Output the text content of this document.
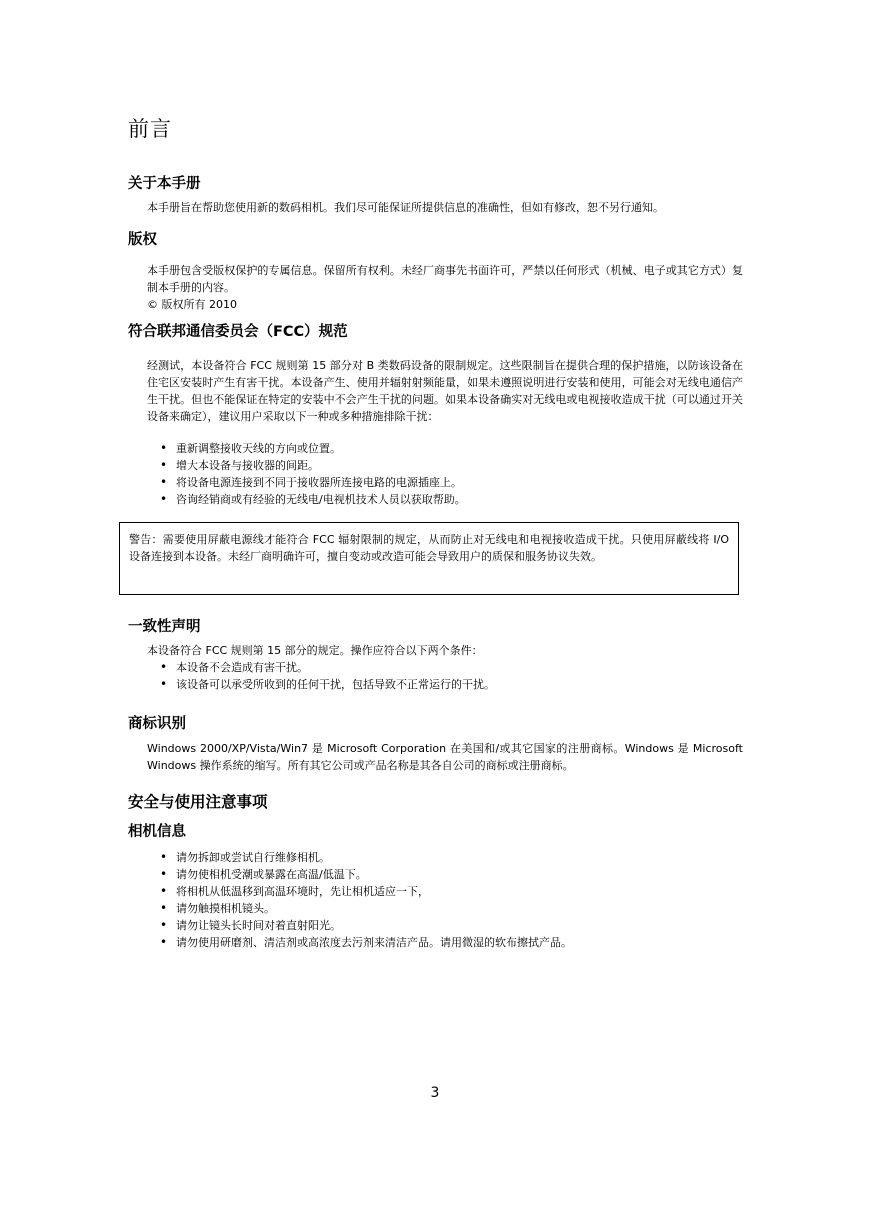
前言
关于本手册

本手册旨在帮助您使用新的数码相机。我们尽可能保证所提供信息的准确性，但如有修改，恕不另行通知。

版权

本手册包含受版权保护的专属信息。保留所有权利。未经厂商事先书面许可，严禁以任何形式（机械、电子或其它方式）复制本手册的内容。

© 版权所有 2010

符合联邦通信委员会（FCC）规范

经测试，本设备符合 FCC 规则第 15 部分对 B 类数码设备的限制规定。这些限制旨在提供合理的保护措施，以防该设备在住宅区安装时产生有害干扰。本设备产生、使用并辐射射频能量，如果未遵照说明进行安装和使用，可能会对无线电通信产生干扰。但也不能保证在特定的安装中不会产生干扰的问题。如果本设备确实对无线电或电视接收造成干扰（可以通过开关设备来确定），建议用户采取以下一种或多种措施排除干扰：

• 重新调整接收天线的方向或位置。
• 增大本设备与接收器的间距。
• 将设备电源连接到不同于接收器所连接电路的电源插座上。
• 咨询经销商或有经验的无线电/电视机技术人员以获取帮助。
警告：需要使用屏蔽电源线才能符合 FCC 辐射限制的规定，从而防止对无线电和电视接收造成干扰。只使用屏蔽线将 I/O 设备连接到本设备。未经厂商明确许可，擅自变动或改造可能会导致用户的质保和服务协议失效。
一致性声明

本设备符合 FCC 规则第 15 部分的规定。操作应符合以下两个条件：

• 本设备不会造成有害干扰。
• 该设备可以承受所收到的任何干扰，包括导致不正常运行的干扰。
商标识别

Windows 2000/XP/Vista/Win7 是 Microsoft Corporation 在美国和/或其它国家的注册商标。Windows 是 Microsoft Windows 操作系统的缩写。所有其它公司或产品名称是其各自公司的商标或注册商标。

安全与使用注意事项
相机信息
• 请勿拆卸或尝试自行维修相机。
• 请勿使相机受潮或暴露在高温/低温下。
• 将相机从低温移到高温环境时，先让相机适应一下，
• 请勿触摸相机镜头。
• 请勿让镜头长时间对着直射阳光。
• 请勿使用研磨剂、清洁剂或高浓度去污剂来清洁产品。请用微湿的软布擦拭产品。
3
